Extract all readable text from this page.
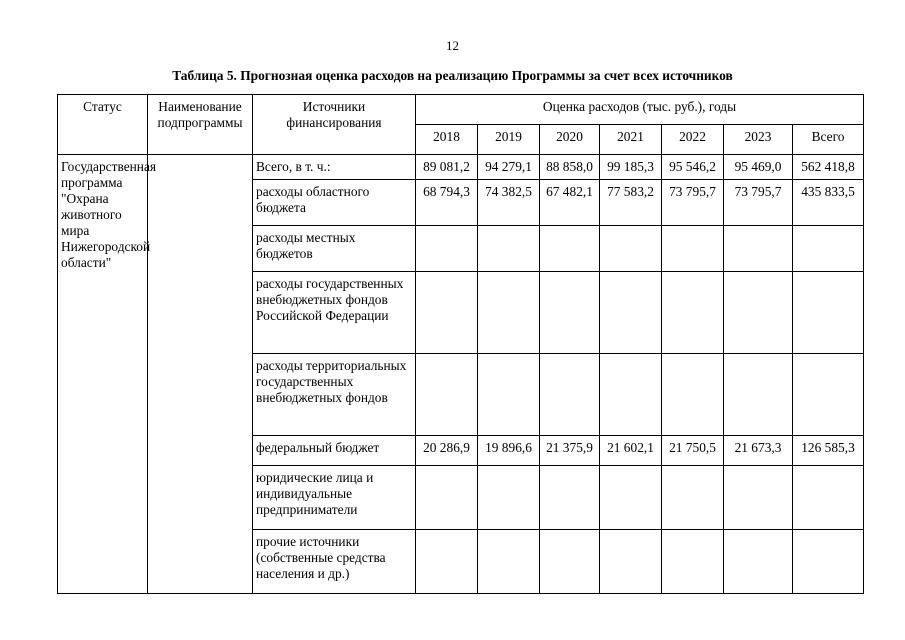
12
Таблица 5. Прогнозная оценка расходов на реализацию Программы за счет всех источников
Статус	Наименование подпрограммы	Источники финансирования	Оценка расходов (тыс. руб.), годы						
			2018	2019	2020	2021	2022	2023	Всего
Государственная программа "Охрана животного мира Нижегородской области"		Всего, в т. ч.:	89 081,2	94 279,1	88 858,0	99 185,3	95 546,2	95 469,0	562 418,8
		расходы областного бюджета	68 794,3	74 382,5	67 482,1	77 583,2	73 795,7	73 795,7	435 833,5
		расходы местных бюджетов							
		расходы государственных внебюджетных фондов Российской Федерации							
		расходы территориальных государственных внебюджетных фондов							
		федеральный бюджет	20 286,9	19 896,6	21 375,9	21 602,1	21 750,5	21 673,3	126 585,3
		юридические лица и индивидуальные предприниматели							
		прочие источники (собственные средства населения и др.)							
